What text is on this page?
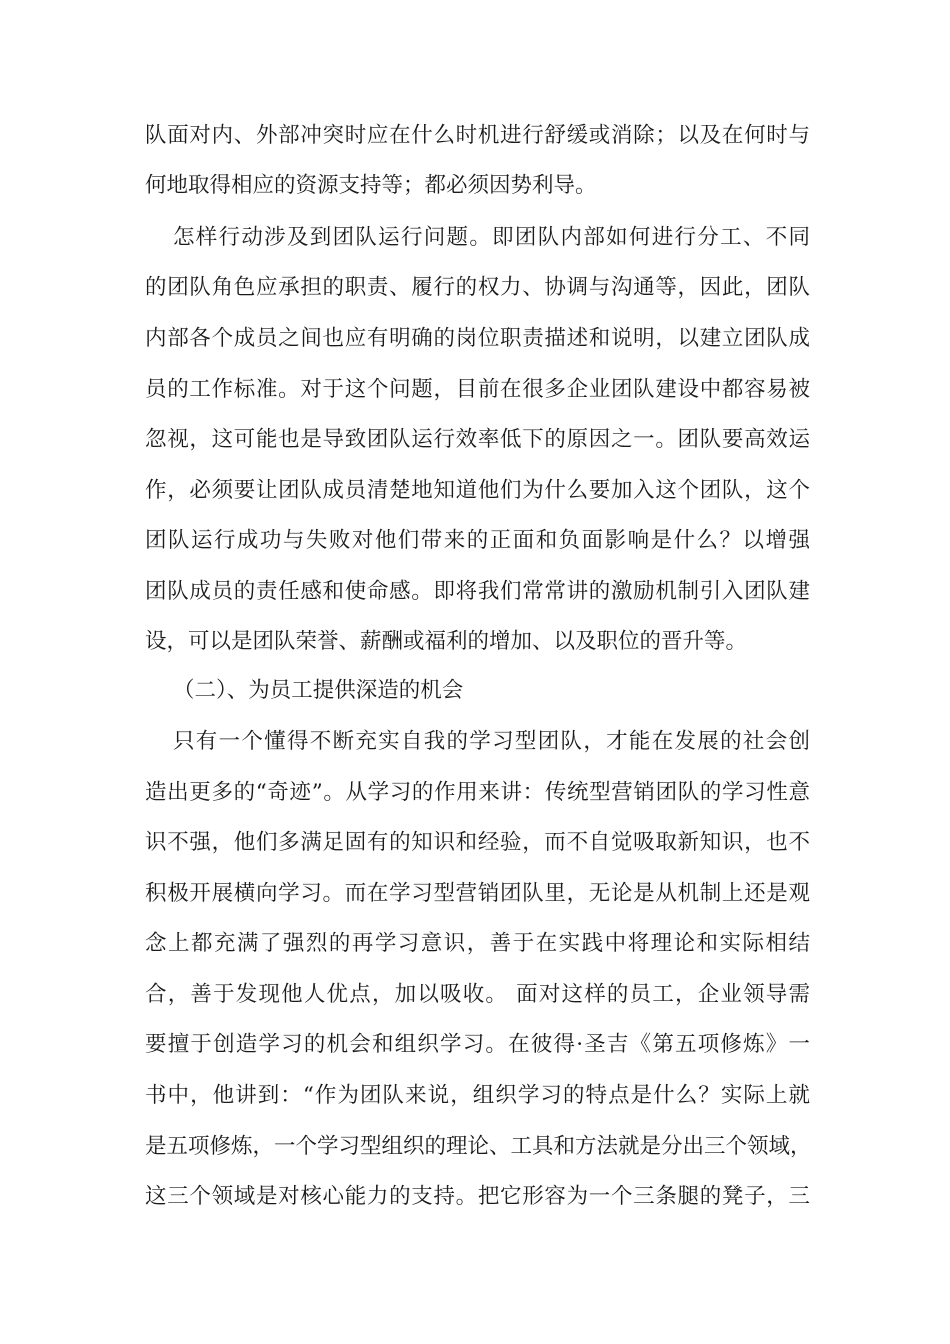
队面对内、外部冲突时应在什么时机进行舒缓或消除；以及在何时与
何地取得相应的资源支持等；都必须因势利导。
怎样行动涉及到团队运行问题。即团队内部如何进行分工、不同
的团队角色应承担的职责、履行的权力、协调与沟通等，因此，团队
内部各个成员之间也应有明确的岗位职责描述和说明，以建立团队成
员的工作标准。对于这个问题，目前在很多企业团队建设中都容易被
忽视，这可能也是导致团队运行效率低下的原因之一。团队要高效运
作，必须要让团队成员清楚地知道他们为什么要加入这个团队，这个
团队运行成功与失败对他们带来的正面和负面影响是什么？以增强
团队成员的责任感和使命感。即将我们常常讲的激励机制引入团队建
设，可以是团队荣誉、薪酬或福利的增加、以及职位的晋升等。
（二）、为员工提供深造的机会
只有一个懂得不断充实自我的学习型团队，才能在发展的社会创
造出更多的“奇迹”。从学习的作用来讲：传统型营销团队的学习性意
识不强，他们多满足固有的知识和经验，而不自觉吸取新知识，也不
积极开展横向学习。而在学习型营销团队里，无论是从机制上还是观
念上都充满了强烈的再学习意识，善于在实践中将理论和实际相结
合，善于发现他人优点，加以吸收。 面对这样的员工，企业领导需
要擅于创造学习的机会和组织学习。在彼得·圣吉《第五项修炼》一
书中，他讲到：“作为团队来说，组织学习的特点是什么？实际上就
是五项修炼，一个学习型组织的理论、工具和方法就是分出三个领域，
这三个领域是对核心能力的支持。把它形容为一个三条腿的凳子，三
